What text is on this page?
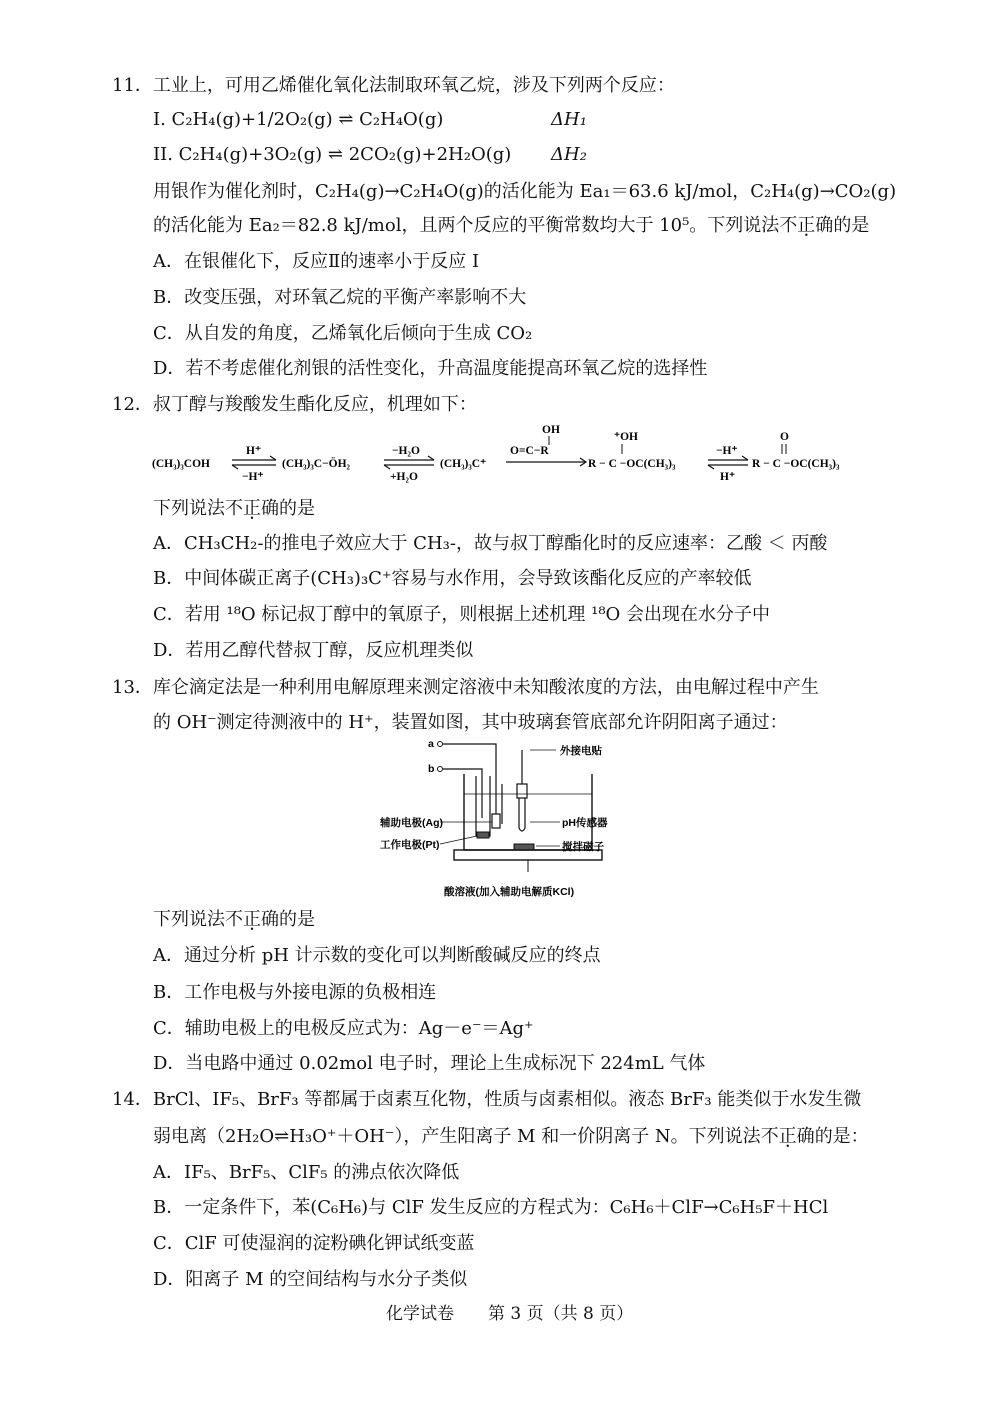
11．工业上，可用乙烯催化氧化法制取环氧乙烷，涉及下列两个反应：
I. C₂H₄(g)+1/2O₂(g) ⇌ C₂H₄O(g)	ΔH₁
II. C₂H₄(g)+3O₂(g) ⇌ 2CO₂(g)+2H₂O(g) ΔH₂
用银作为催化剂时，C₂H₄(g)→C₂H₄O(g)的活化能为 Ea₁＝63.6 kJ/mol，C₂H₄(g)→CO₂(g)
的活化能为 Ea₂＝82.8 kJ/mol，且两个反应的平衡常数均大于 10⁵。下列说法不正确的是
A．在银催化下，反应Ⅱ的速率小于反应 I
B．改变压强，对环氧乙烷的平衡产率影响不大
C．从自发的角度，乙烯氧化后倾向于生成 CO₂
D．若不考虑催化剂银的活性变化，升高温度能提高环氧乙烷的选择性
12．叔丁醇与羧酸发生酯化反应，机理如下：
(CH₃)₃COH
H⁺
−H⁺
(CH₃)₃C−ÖH₂
−H₂O
+H₂O
(CH₃)₃C⁺
OH
O=C−R
⁺OH
R − C −OC(CH₃)₃
−H⁺
H⁺
O
R − C −OC(CH₃)₃
下列说法不正确的是
A．CH₃CH₂-的推电子效应大于 CH₃-，故与叔丁醇酯化时的反应速率：乙酸 ＜ 丙酸
B．中间体碳正离子(CH₃)₃C⁺容易与水作用，会导致该酯化反应的产率较低
C．若用 ¹⁸O 标记叔丁醇中的氧原子，则根据上述机理 ¹⁸O 会出现在水分子中
D．若用乙醇代替叔丁醇，反应机理类似
13．库仑滴定法是一种利用电解原理来测定溶液中未知酸浓度的方法，由电解过程中产生
的 OH⁻测定待测液中的 H⁺，装置如图，其中玻璃套管底部允许阴阳离子通过：
a
b
外接电贴
辅助电极(Ag)	pH传感器
工作电极(Pt)	搅拌磁子
酸溶液(加入辅助电解质KCl)
下列说法不正确的是
A．通过分析 pH 计示数的变化可以判断酸碱反应的终点
B．工作电极与外接电源的负极相连
C．辅助电极上的电极反应式为：Ag－e⁻＝Ag⁺
D．当电路中通过 0.02mol 电子时，理论上生成标况下 224mL 气体
14．BrCl、IF₅、BrF₃ 等都属于卤素互化物，性质与卤素相似。液态 BrF₃ 能类似于水发生微
弱电离（2H₂O⇌H₃O⁺＋OH⁻），产生阳离子 M 和一价阴离子 N。下列说法不正确的是：
A．IF₅、BrF₅、ClF₅ 的沸点依次降低
B．一定条件下，苯(C₆H₆)与 ClF 发生反应的方程式为：C₆H₆＋ClF→C₆H₅F＋HCl
C．ClF 可使湿润的淀粉碘化钾试纸变蓝
D．阳离子 M 的空间结构与水分子类似
化学试卷　　第 3 页（共 8 页）
